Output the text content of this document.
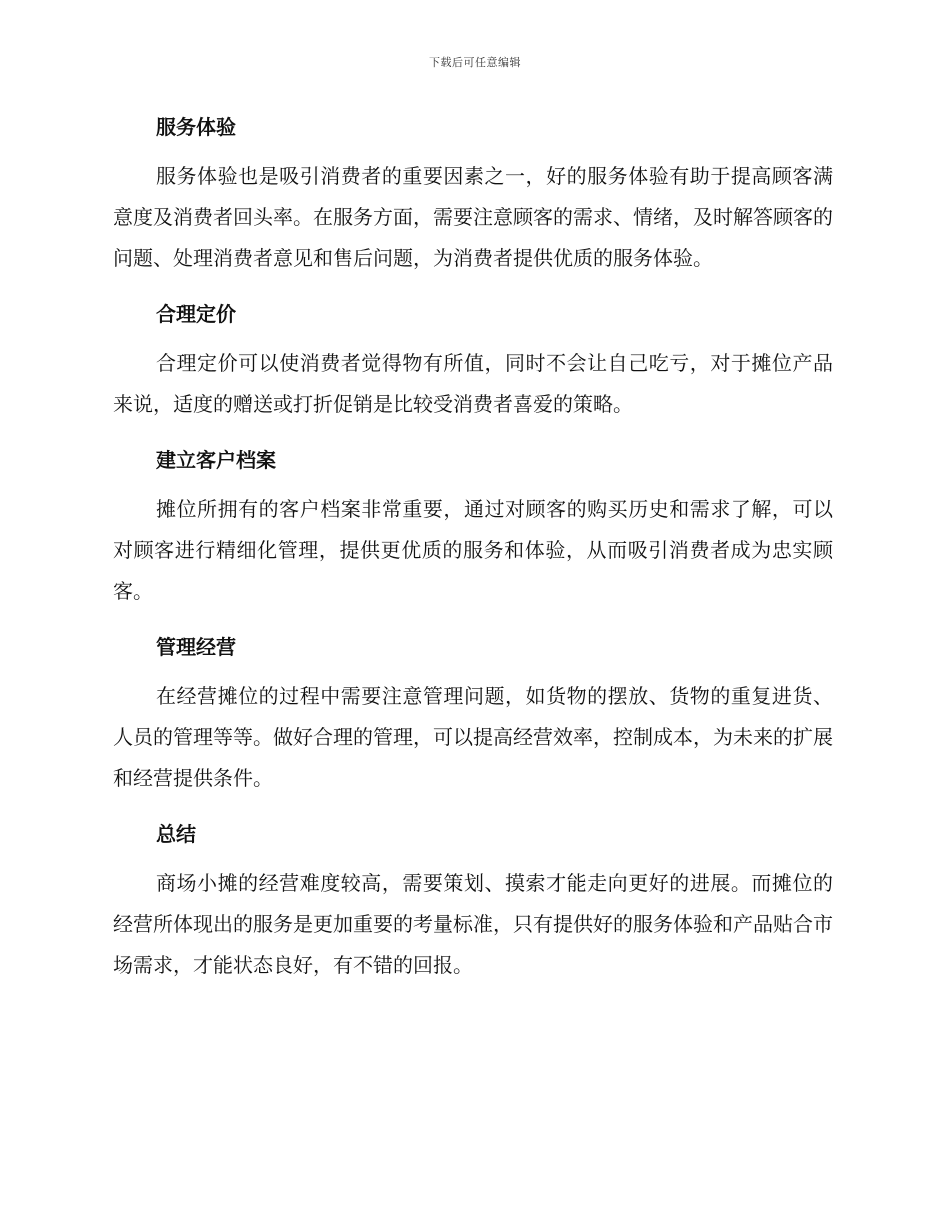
下载后可任意编辑
服务体验

服务体验也是吸引消费者的重要因素之一，好的服务体验有助于提高顾客满意度及消费者回头率。在服务方面，需要注意顾客的需求、情绪，及时解答顾客的问题、处理消费者意见和售后问题，为消费者提供优质的服务体验。

合理定价

合理定价可以使消费者觉得物有所值，同时不会让自己吃亏，对于摊位产品来说，适度的赠送或打折促销是比较受消费者喜爱的策略。

建立客户档案

摊位所拥有的客户档案非常重要，通过对顾客的购买历史和需求了解，可以对顾客进行精细化管理，提供更优质的服务和体验，从而吸引消费者成为忠实顾客。

管理经营

在经营摊位的过程中需要注意管理问题，如货物的摆放、货物的重复进货、人员的管理等等。做好合理的管理，可以提高经营效率，控制成本，为未来的扩展和经营提供条件。

总结

商场小摊的经营难度较高，需要策划、摸索才能走向更好的进展。而摊位的经营所体现出的服务是更加重要的考量标准，只有提供好的服务体验和产品贴合市场需求，才能状态良好，有不错的回报。
